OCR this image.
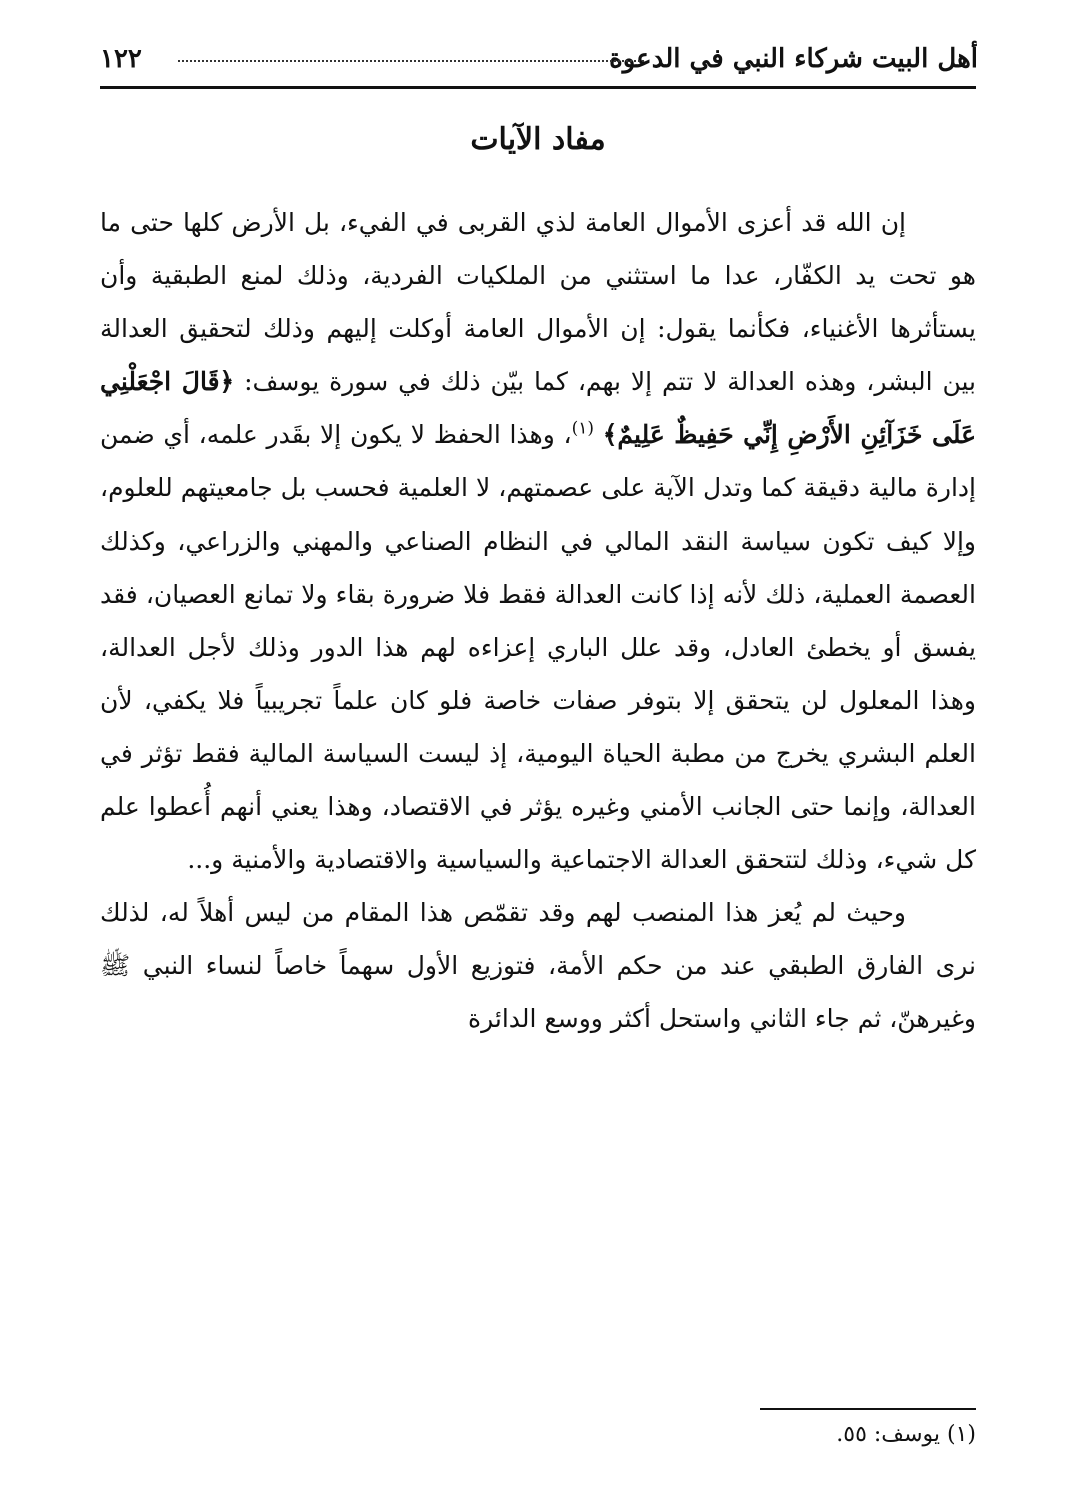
أهل البيت شركاء النبي في الدعوة
١٢٢
مفاد الآيات

إن الله قد أعزى الأموال العامة لذي القربى في الفيء، بل الأرض كلها حتى ما هو تحت يد الكفّار، عدا ما استثني من الملكيات الفردية، وذلك لمنع الطبقية وأن يستأثرها الأغنياء، فكأنما يقول: إن الأموال العامة أوكلت إليهم وذلك لتحقيق العدالة بين البشر، وهذه العدالة لا تتم إلا بهم، كما بيّن ذلك في سورة يوسف: ﴿قَالَ اجْعَلْنِي عَلَى خَزَآئِنِ الأَرْضِ إِنِّي حَفِيظٌ عَلِيمٌ﴾ $^{(١)}$، وهذا الحفظ لا يكون إلا بقَدر علمه، أي ضمن إدارة مالية دقيقة كما وتدل الآية على عصمتهم، لا العلمية فحسب بل جامعيتهم للعلوم، وإلا كيف تكون سياسة النقد المالي في النظام الصناعي والمهني والزراعي، وكذلك العصمة العملية، ذلك لأنه إذا كانت العدالة فقط فلا ضرورة بقاء ولا تمانع العصيان، فقد يفسق أو يخطئ العادل، وقد علل الباري إعزاءه لهم هذا الدور وذلك لأجل العدالة، وهذا المعلول لن يتحقق إلا بتوفر صفات خاصة فلو كان علماً تجريبياً فلا يكفي، لأن العلم البشري يخرج من مطبة الحياة اليومية، إذ ليست السياسة المالية فقط تؤثر في العدالة، وإنما حتى الجانب الأمني وغيره يؤثر في الاقتصاد، وهذا يعني أنهم أُعطوا علم كل شيء، وذلك لتتحقق العدالة الاجتماعية والسياسية والاقتصادية والأمنية و...

وحيث لم يُعز هذا المنصب لهم وقد تقمّص هذا المقام من ليس أهلاً له، لذلك نرى الفارق الطبقي عند من حكم الأمة، فتوزيع الأول سهماً خاصاً لنساء النبي ﷺ وغيرهنّ، ثم جاء الثاني واستحل أكثر ووسع الدائرة

(١) يوسف: ٥٥.
